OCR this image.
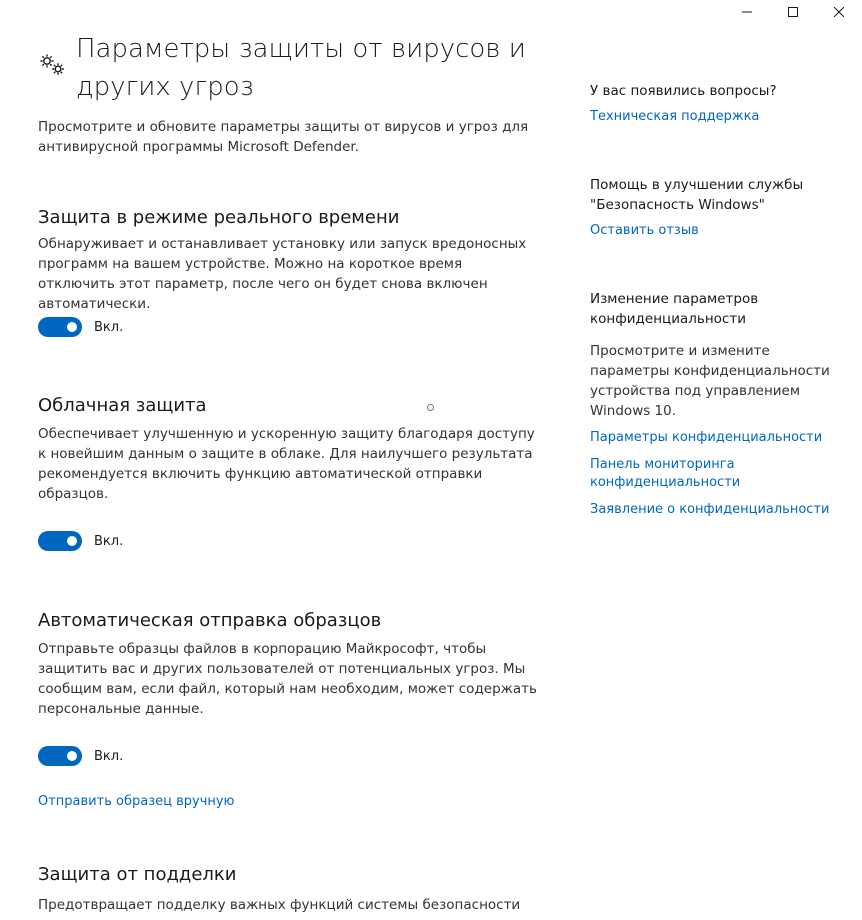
Параметры защиты от вирусов и других угроз

Просмотрите и обновите параметры защиты от вирусов и угроз для антивирусной программы Microsoft Defender.

Защита в режиме реального времени

Обнаруживает и останавливает установку или запуск вредоносных программ на вашем устройстве. Можно на короткое время отключить этот параметр, после чего он будет снова включен автоматически.

Вкл.
Облачная защита

Обеспечивает улучшенную и ускоренную защиту благодаря доступу к новейшим данным о защите в облаке. Для наилучшего результата рекомендуется включить функцию автоматической отправки образцов.

Вкл.
Автоматическая отправка образцов

Отправьте образцы файлов в корпорацию Майкрософт, чтобы защитить вас и других пользователей от потенциальных угроз. Мы сообщим вам, если файл, который нам необходим, может содержать персональные данные.

Вкл.
Отправить образец вручную
Защита от подделки

Предотвращает подделку важных функций системы безопасности

У вас появились вопросы?

Техническая поддержка

Помощь в улучшении службы "Безопасность Windows"

Оставить отзыв

Изменение параметров конфиденциальности

Просмотрите и измените параметры конфиденциальности устройства под управлением Windows 10.

Параметры конфиденциальности
Панель мониторинга конфиденциальности
Заявление о конфиденциальности
